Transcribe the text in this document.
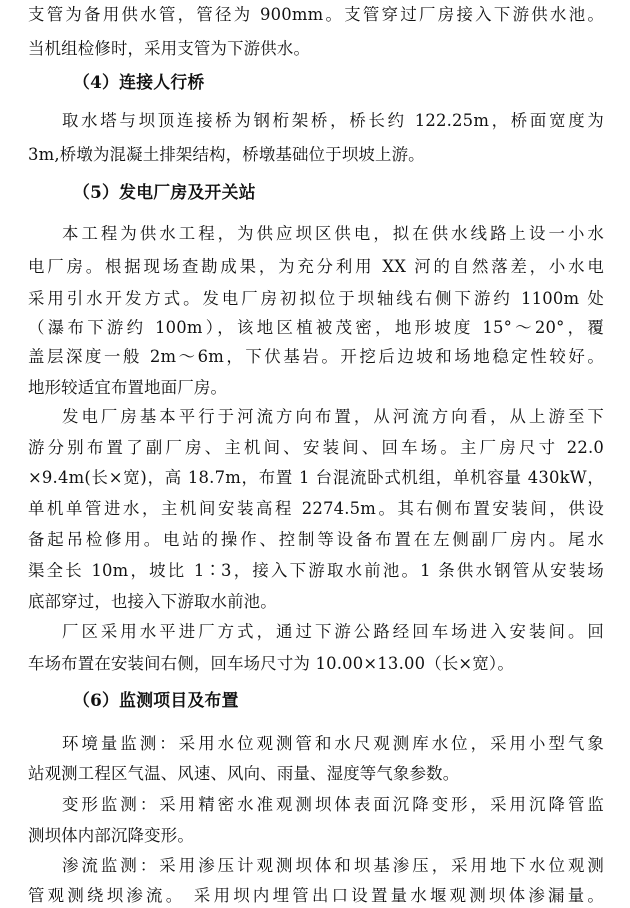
支管为备用供水管，管径为 900mm。支管穿过厂房接入下游供水池。
当机组检修时，采用支管为下游供水。
（4）连接人行桥
取水塔与坝顶连接桥为钢桁架桥，桥长约 122.25m，桥面宽度为
3m,桥墩为混凝土排架结构，桥墩基础位于坝坡上游。
（5）发电厂房及开关站
本工程为供水工程，为供应坝区供电，拟在供水线路上设一小水
电厂房。根据现场查勘成果，为充分利用 XX 河的自然落差，小水电
采用引水开发方式。发电厂房初拟位于坝轴线右侧下游约 1100m 处
（瀑布下游约 100m），该地区植被茂密，地形坡度 15°～20°，覆
盖层深度一般 2m～6m，下伏基岩。开挖后边坡和场地稳定性较好。
地形较适宜布置地面厂房。
发电厂房基本平行于河流方向布置，从河流方向看，从上游至下
游分别布置了副厂房、主机间、安装间、回车场。主厂房尺寸 22.0
×9.4m(长×宽)，高 18.7m，布置 1 台混流卧式机组，单机容量 430kW，
单机单管进水，主机间安装高程 2274.5m。其右侧布置安装间，供设
备起吊检修用。电站的操作、控制等设备布置在左侧副厂房内。尾水
渠全长 10m，坡比 1∶3，接入下游取水前池。1 条供水钢管从安装场
底部穿过，也接入下游取水前池。
厂区采用水平进厂方式，通过下游公路经回车场进入安装间。回
车场布置在安装间右侧，回车场尺寸为 10.00×13.00（长×宽）。
（6）监测项目及布置
环境量监测：采用水位观测管和水尺观测库水位，采用小型气象
站观测工程区气温、风速、风向、雨量、湿度等气象参数。
变形监测：采用精密水准观测坝体表面沉降变形，采用沉降管监
测坝体内部沉降变形。
渗流监测：采用渗压计观测坝体和坝基渗压，采用地下水位观测
管观测绕坝渗流。 采用坝内埋管出口设置量水堰观测坝体渗漏量。
